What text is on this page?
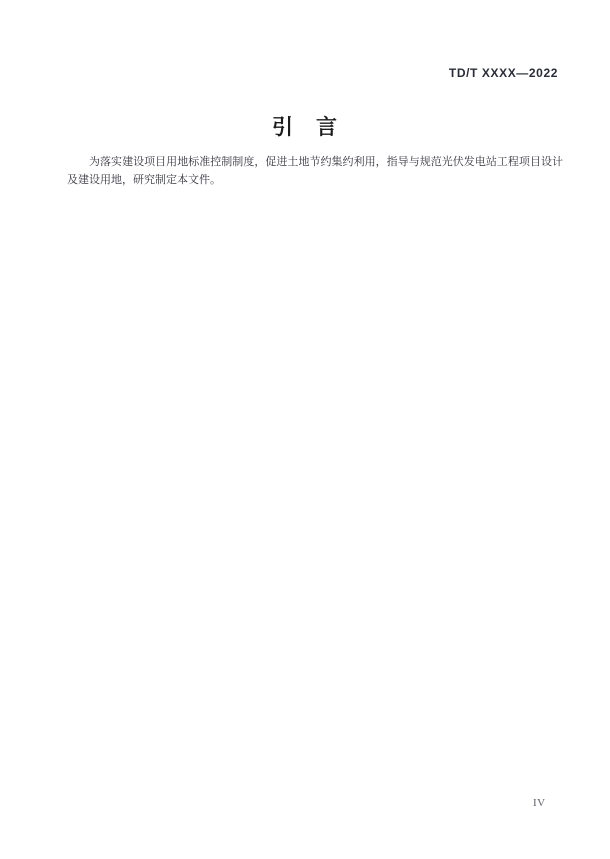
TD/T XXXX—2022
引　言

为落实建设项目用地标准控制制度，促进土地节约集约利用，指导与规范光伏发电站工程项目设计及建设用地，研究制定本文件。

IV
